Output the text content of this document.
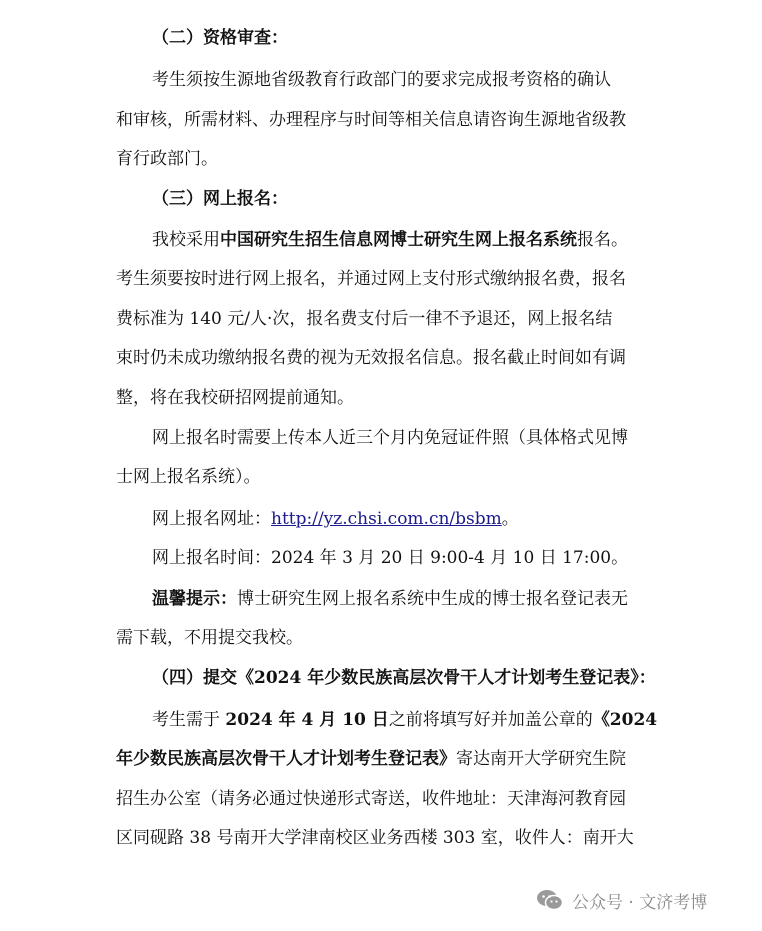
（二）资格审查：
考生须按生源地省级教育行政部门的要求完成报考资格的确认
和审核，所需材料、办理程序与时间等相关信息请咨询生源地省级教
育行政部门。
（三）网上报名：
我校采用中国研究生招生信息网博士研究生网上报名系统报名。
考生须要按时进行网上报名，并通过网上支付形式缴纳报名费，报名
费标准为 140 元/人·次，报名费支付后一律不予退还，网上报名结
束时仍未成功缴纳报名费的视为无效报名信息。报名截止时间如有调
整，将在我校研招网提前通知。
网上报名时需要上传本人近三个月内免冠证件照（具体格式见博
士网上报名系统）。
网上报名网址：http://yz.chsi.com.cn/bsbm。
网上报名时间：2024 年 3 月 20 日 9:00-4 月 10 日 17:00。
温馨提示：博士研究生网上报名系统中生成的博士报名登记表无
需下载，不用提交我校。
（四）提交《2024 年少数民族高层次骨干人才计划考生登记表》：
考生需于 2024 年 4 月 10 日之前将填写好并加盖公章的《2024
年少数民族高层次骨干人才计划考生登记表》寄达南开大学研究生院
招生办公室（请务必通过快递形式寄送，收件地址：天津海河教育园
区同砚路 38 号南开大学津南校区业务西楼 303 室，收件人：南开大
公众号 · 文济考博
